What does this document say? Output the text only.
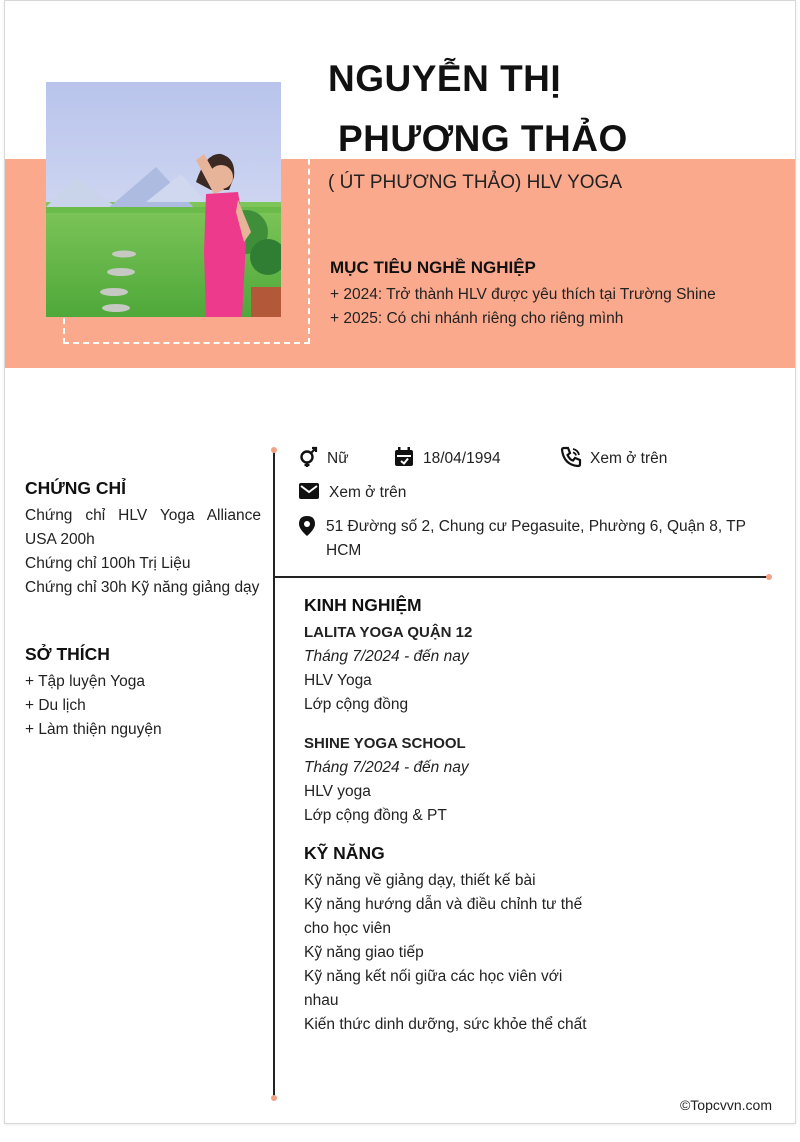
NGUYỄN THỊ
PHƯƠNG THẢO
( ÚT PHƯƠNG THẢO) HLV YOGA
MỤC TIÊU NGHỀ NGHIỆP
+ 2024: Trở thành HLV được yêu thích tại Trường Shine
+ 2025: Có chi nhánh riêng cho riêng mình
Nữ	18/04/1994	Xem ở trên
Xem ở trên
51 Đường số 2, Chung cư Pegasuite, Phường 6, Quận 8, TP
HCM
CHỨNG CHỈ
Chứng chỉ HLV Yoga Alliance USA 200h
Chứng chỉ 100h Trị Liệu
Chứng chỉ 30h Kỹ năng giảng dạy
SỞ THÍCH
+ Tập luyện Yoga
+ Du lịch
+ Làm thiện nguyện
KINH NGHIỆM
LALITA YOGA QUẬN 12
Tháng 7/2024 - đến nay
HLV Yoga
Lớp cộng đồng
SHINE YOGA SCHOOL
Tháng 7/2024 - đến nay
HLV yoga
Lớp cộng đồng & PT
KỸ NĂNG
Kỹ năng về giảng dạy, thiết kế bài
Kỹ năng hướng dẫn và điều chỉnh tư thế
cho học viên
Kỹ năng giao tiếp
Kỹ năng kết nối giữa các học viên với
nhau
Kiến thức dinh dưỡng, sức khỏe thể chất
©Topcvvn.com
